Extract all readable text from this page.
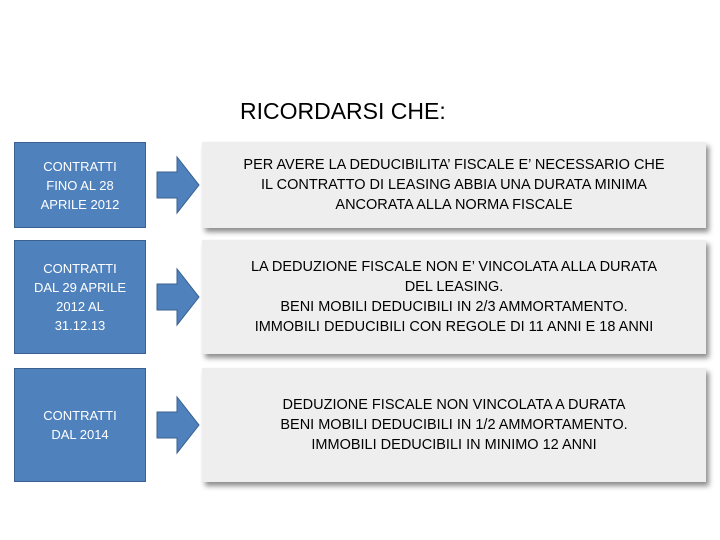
RICORDARSI CHE:
CONTRATTI
FINO AL 28
APRILE 2012
PER AVERE LA DEDUCIBILITA’ FISCALE E’ NECESSARIO CHE
IL CONTRATTO DI LEASING ABBIA UNA DURATA MINIMA
ANCORATA ALLA NORMA FISCALE
CONTRATTI
DAL 29 APRILE
2012 AL
31.12.13
LA DEDUZIONE FISCALE NON E’ VINCOLATA ALLA DURATA
DEL LEASING.
BENI MOBILI DEDUCIBILI IN 2/3 AMMORTAMENTO.
IMMOBILI DEDUCIBILI CON REGOLE DI 11 ANNI E 18 ANNI
CONTRATTI
DAL 2014
DEDUZIONE FISCALE NON VINCOLATA A DURATA
BENI MOBILI DEDUCIBILI IN 1/2 AMMORTAMENTO.
IMMOBILI DEDUCIBILI IN MINIMO 12 ANNI
